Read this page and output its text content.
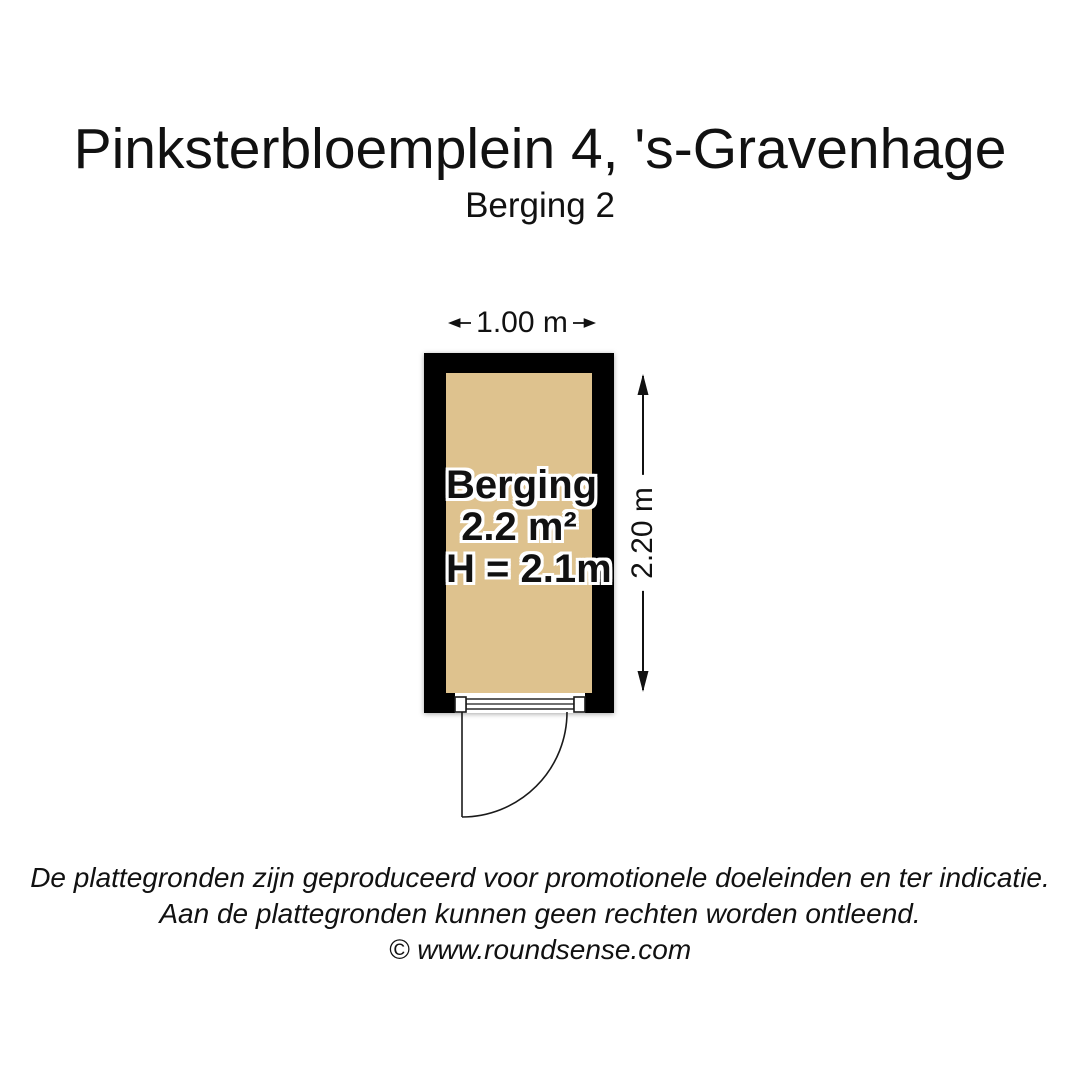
Pinksterbloemplein 4, 's-Gravenhage
Berging 2
1.00 m
Berging
2.2 m²
H = 2.1m 2.20 m
De plattegronden zijn geproduceerd voor promotionele doeleinden en ter indicatie.
Aan de plattegronden kunnen geen rechten worden ontleend.
© www.roundsense.com
